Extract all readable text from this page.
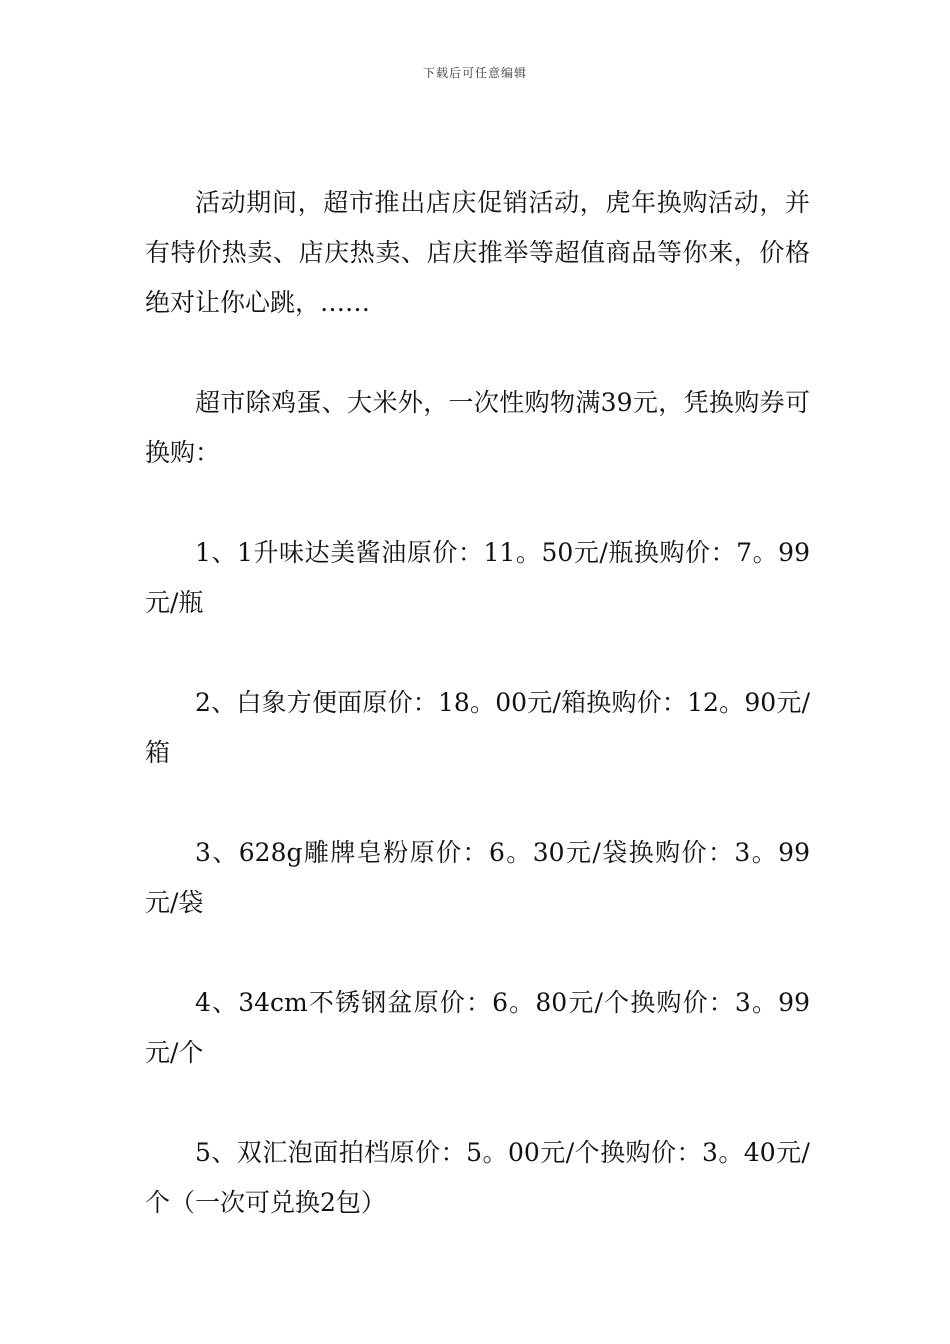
下载后可任意编辑

活动期间，超市推出店庆促销活动，虎年换购活动，并有特价热卖、店庆热卖、店庆推举等超值商品等你来，价格绝对让你心跳，……

超市除鸡蛋、大米外，一次性购物满39元，凭换购券可换购：

1、1升味达美酱油原价：11。50元/瓶换购价：7。99元/瓶

2、白象方便面原价：18。00元/箱换购价：12。90元/箱

3、628g雕牌皂粉原价：6。30元/袋换购价：3。99元/袋

4、34cm不锈钢盆原价：6。80元/个换购价：3。99元/个

5、双汇泡面拍档原价：5。00元/个换购价：3。40元/个（一次可兑换2包）
